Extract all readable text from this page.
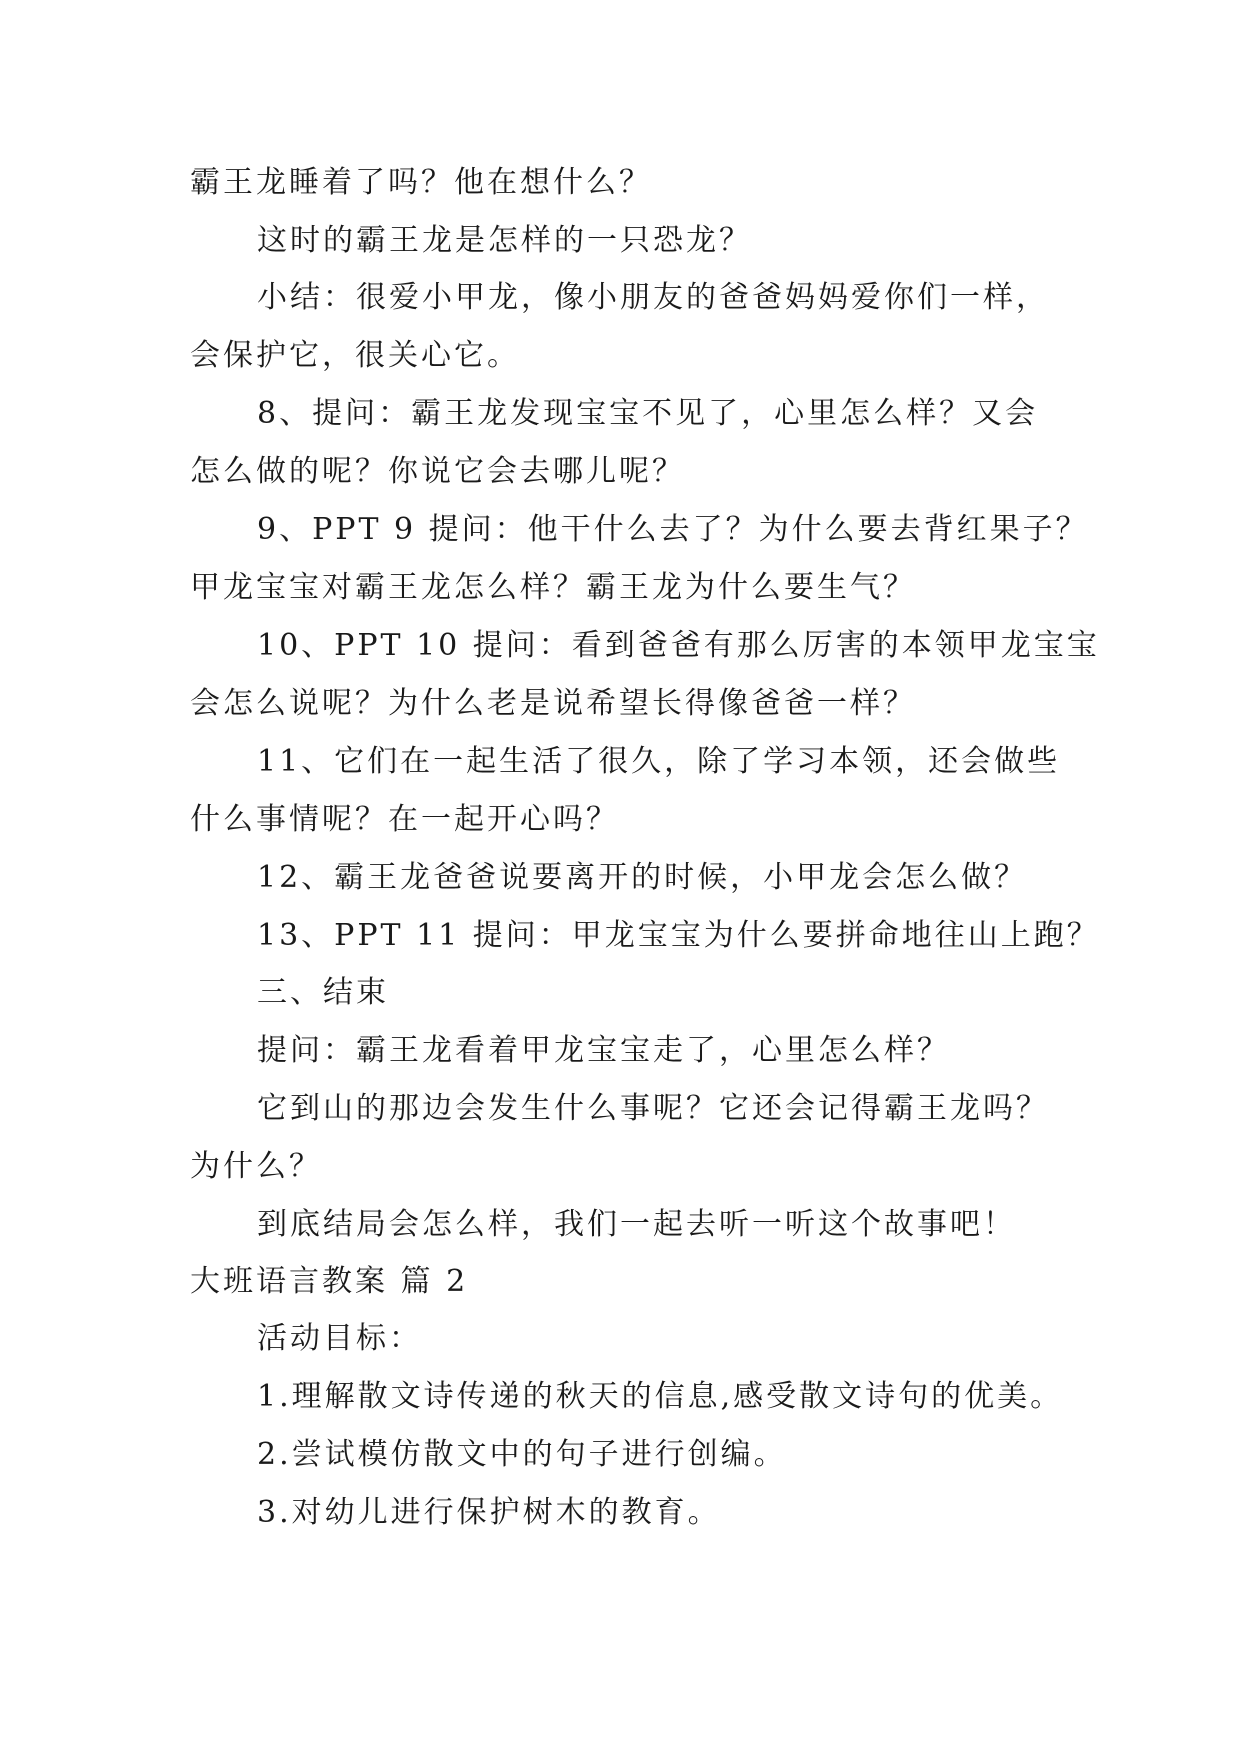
霸王龙睡着了吗？他在想什么？

这时的霸王龙是怎样的一只恐龙？

小结：很爱小甲龙，像小朋友的爸爸妈妈爱你们一样，

会保护它，很关心它。

8、提问：霸王龙发现宝宝不见了，心里怎么样？又会

怎么做的呢？你说它会去哪儿呢？

9、PPT 9 提问：他干什么去了？为什么要去背红果子？

甲龙宝宝对霸王龙怎么样？霸王龙为什么要生气？

10、PPT 10 提问：看到爸爸有那么厉害的本领甲龙宝宝

会怎么说呢？为什么老是说希望长得像爸爸一样？

11、它们在一起生活了很久，除了学习本领，还会做些

什么事情呢？在一起开心吗？

12、霸王龙爸爸说要离开的时候，小甲龙会怎么做？

13、PPT 11 提问：甲龙宝宝为什么要拼命地往山上跑？

三、结束

提问：霸王龙看着甲龙宝宝走了，心里怎么样？

它到山的那边会发生什么事呢？它还会记得霸王龙吗？

为什么？

到底结局会怎么样，我们一起去听一听这个故事吧！

大班语言教案 篇 2

活动目标：

1.理解散文诗传递的秋天的信息,感受散文诗句的优美。

2.尝试模仿散文中的句子进行创编。

3.对幼儿进行保护树木的教育。
